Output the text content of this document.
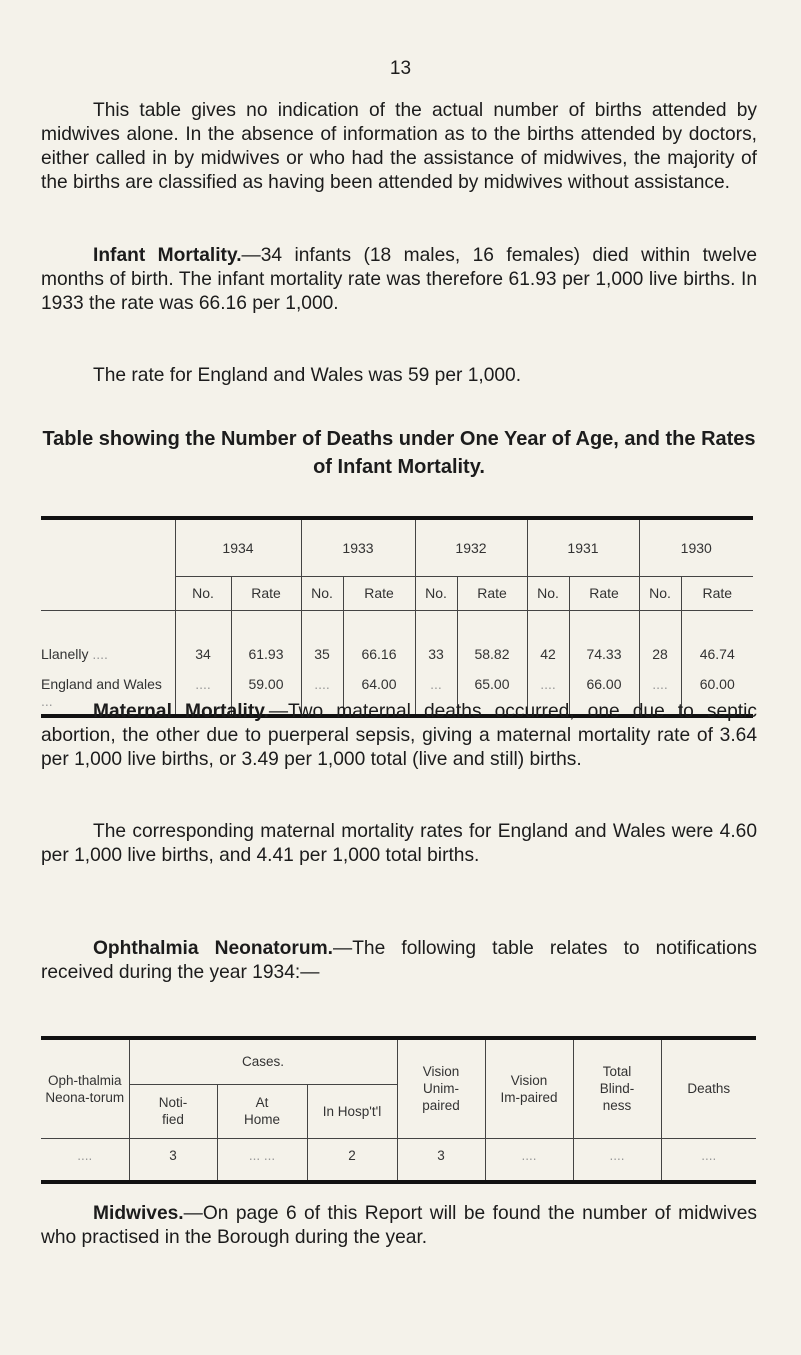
13

This table gives no indication of the actual number of births attended by midwives alone. In the absence of information as to the births attended by doctors, either called in by midwives or who had the assistance of midwives, the majority of the births are classified as having been attended by midwives without assistance.

Infant Mortality.—34 infants (18 males, 16 females) died within twelve months of birth. The infant mortality rate was therefore 61.93 per 1,000 live births. In 1933 the rate was 66.16 per 1,000.

The rate for England and Wales was 59 per 1,000.

Table showing the Number of Deaths under One Year of Age, and the Rates of Infant Mortality.

	1934		1933		1932		1931		1930	
	No.	Rate	No.	Rate	No.	Rate	No.	Rate	No.	Rate
Llanelly ....	34	61.93	35	66.16	33	58.82	42	74.33	28	46.74
England and Wales ...	....	59.00	....	64.00	...	65.00	....	66.00	....	60.00

Maternal Mortality.—Two maternal deaths occurred, one due to septic abortion, the other due to puerperal sepsis, giving a maternal mortality rate of 3.64 per 1,000 live births, or 3.49 per 1,000 total (live and still) births.

The corresponding maternal mortality rates for England and Wales were 4.60 per 1,000 live births, and 4.41 per 1,000 total births.

Ophthalmia Neonatorum.—The following table relates to notifications received during the year 1934:—

Oph-thalmia Neona-torum	Cases.			Vision Unim-paired	Vision Im-paired	Total Blind-ness	Deaths
	Noti-fied	At Home	In Hosp't'l				
....	3	... ...	2	3	....	....	....

Midwives.—On page 6 of this Report will be found the number of midwives who practised in the Borough during the year.
